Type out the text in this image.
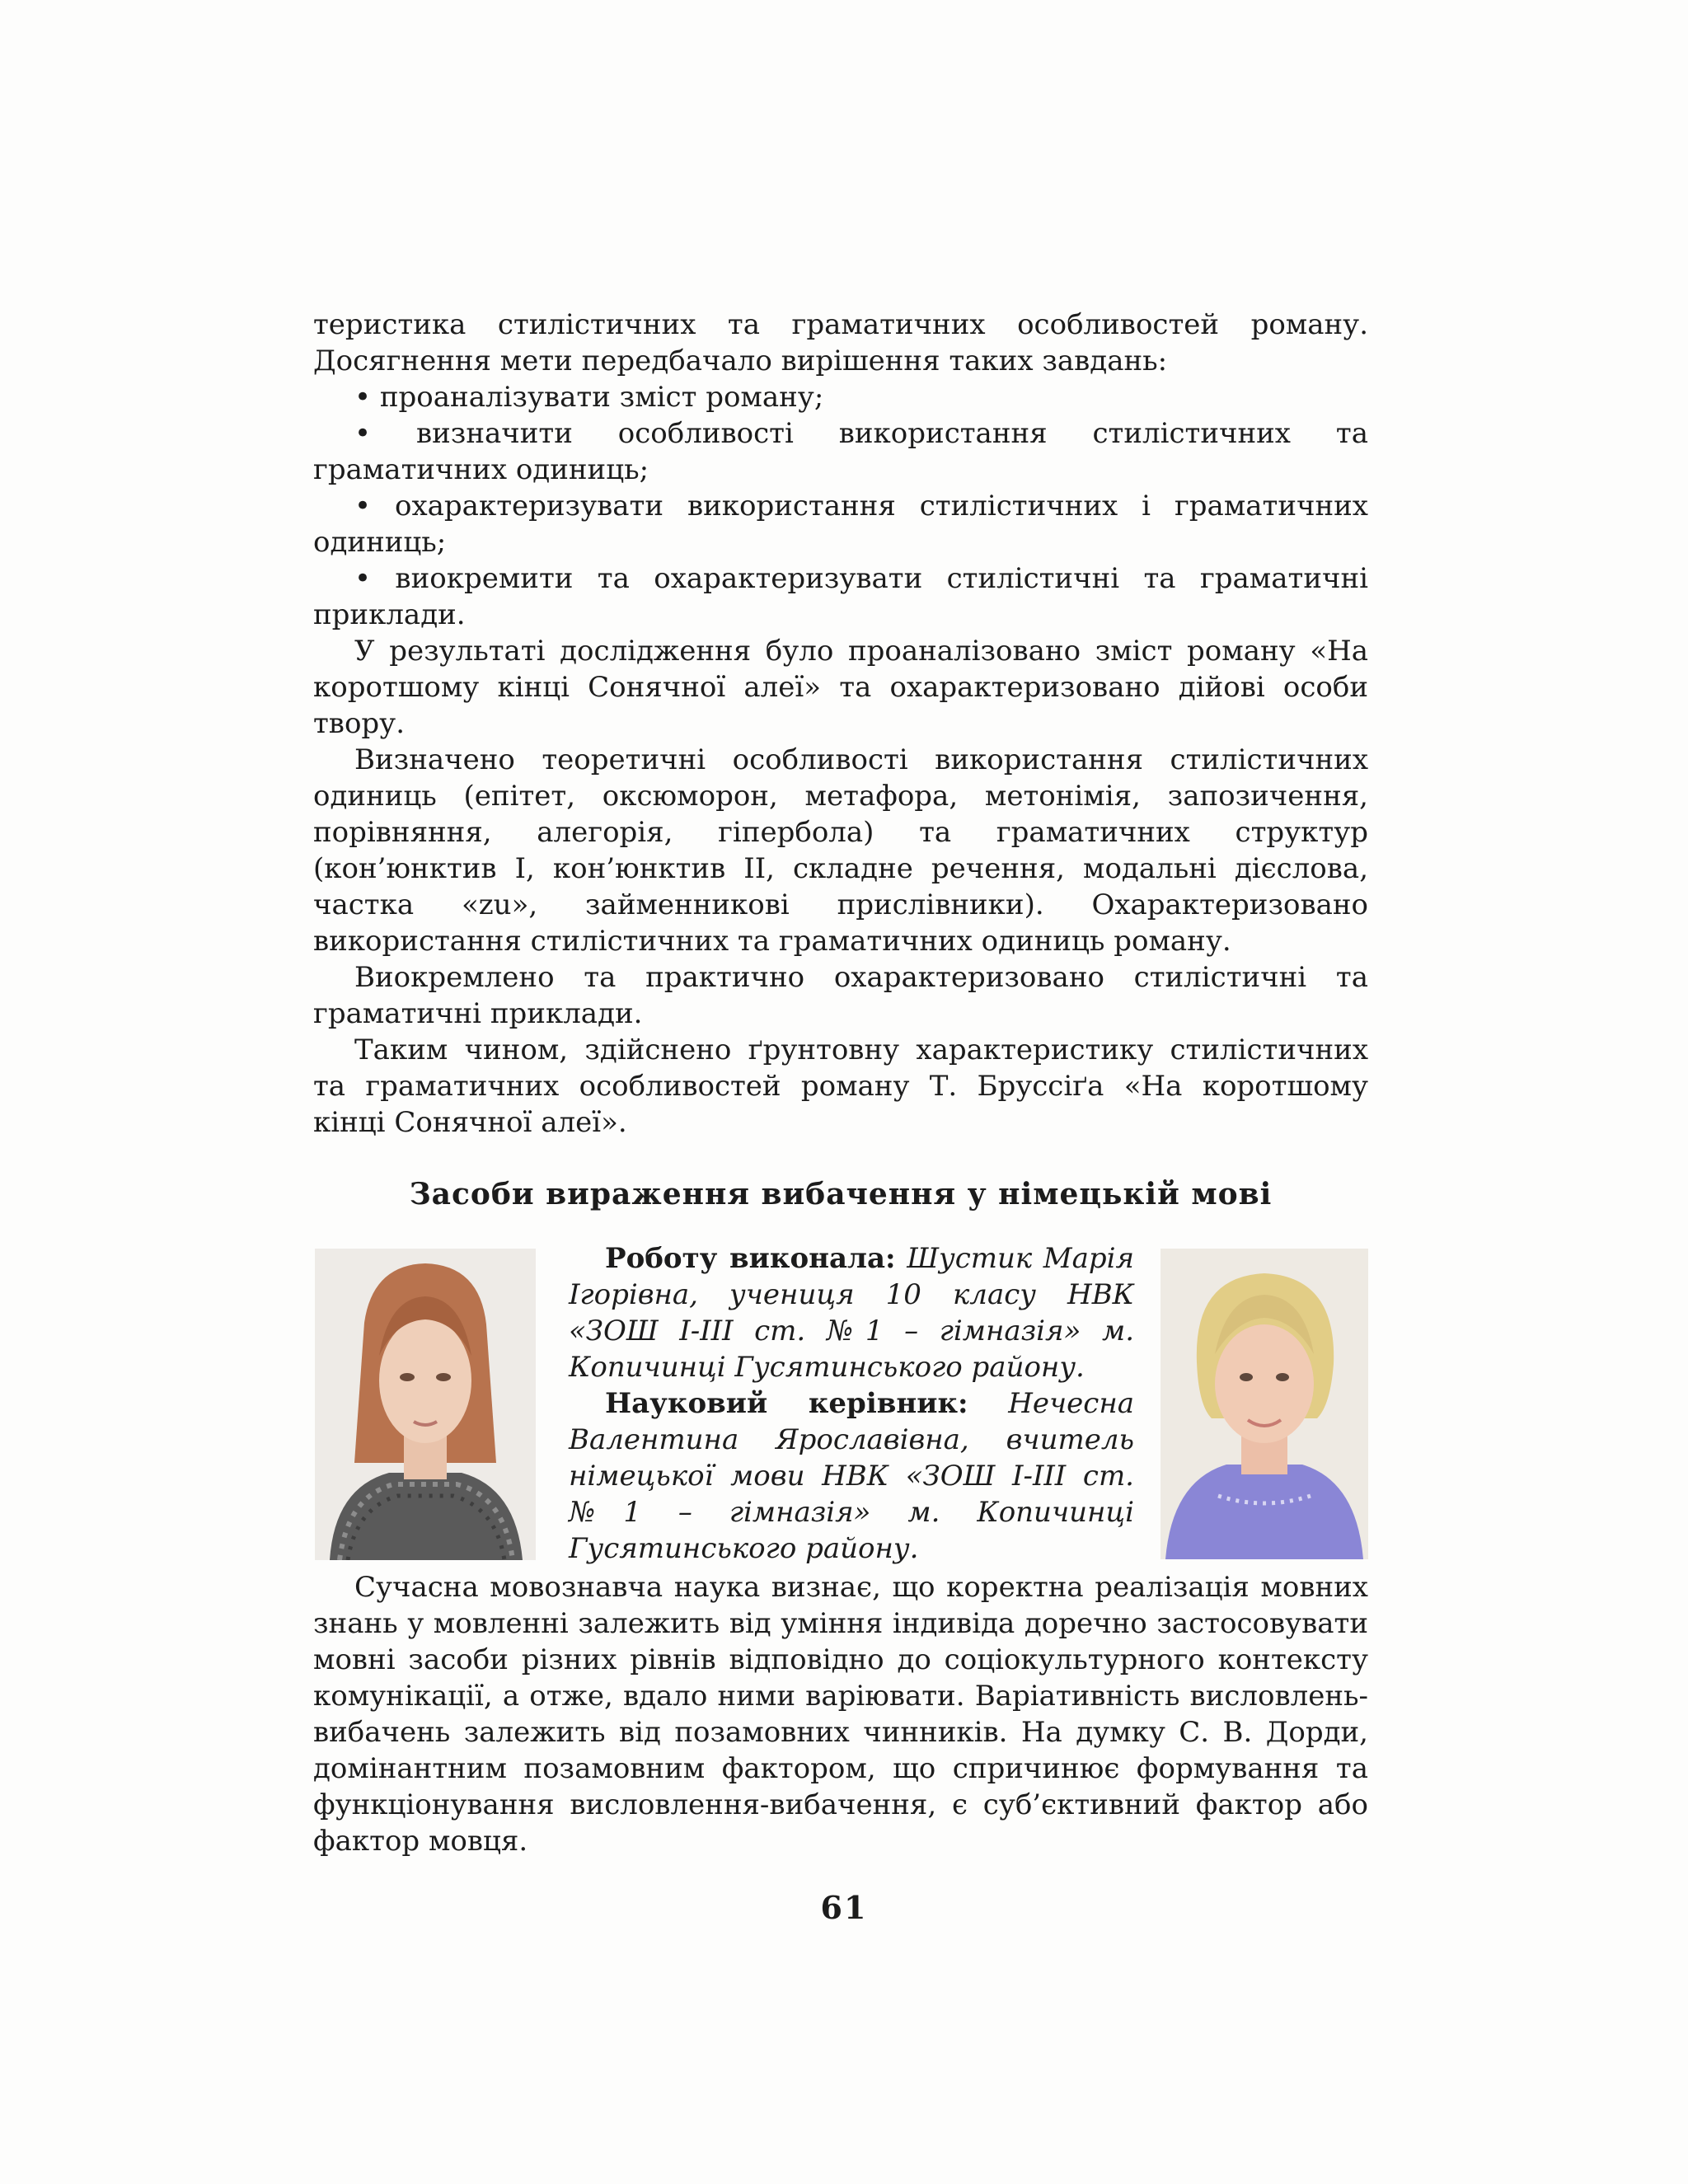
теристика стилістичних та граматичних особливостей роману. Досягнення мети передбачало вирішення таких завдань:

• проаналізувати зміст роману;

• визначити особливості використання стилістичних та граматичних одиниць;

• охарактеризувати використання стилістичних і граматичних одиниць;

• виокремити та охарактеризувати стилістичні та граматичні приклади.

У результаті дослідження було проаналізовано зміст роману «На коротшому кінці Сонячної алеї» та охарактеризовано дійові особи твору.

Визначено теоретичні особливості використання стилістичних одиниць (епітет, оксюморон, метафора, метонімія, запозичення, порівняння, алегорія, гіпербола) та граматичних структур (кон’юнктив І, кон’юнктив ІІ, складне речення, модальні дієслова, частка «zu», займенникові прислівники). Охарактеризовано використання стилістичних та граматичних одиниць роману.

Виокремлено та практично охарактеризовано стилістичні та граматичні приклади.

Таким чином, здійснено ґрунтовну характеристику стилістичних та граматичних особливостей роману Т. Бруссіґа «На коротшому кінці Сонячної алеї».

Засоби вираження вибачення у німецькій мові

Роботу виконала: Шустик Марія Ігорівна, учениця 10 класу НВК «ЗОШ І-ІІІ ст. №1 – гімназія» м. Копичинці Гусятинського району.

Науковий керівник: Нечесна Валентина Ярославівна, вчитель німецької мови НВК «ЗОШ І-ІІІ ст. №1 – гімназія» м. Копичинці Гусятинського району.

Сучасна мовознавча наука визнає, що коректна реалізація мовних знань у мовленні залежить від уміння індивіда доречно застосовувати мовні засоби різних рівнів відповідно до соціокультурного контексту комунікації, а отже, вдало ними варіювати. Варіативність висловлень-вибачень залежить від позамовних чинників. На думку С. В. Дорди, домінантним позамовним фактором, що спричинює формування та функціонування висловлення-вибачення, є суб’єктивний фактор або фактор мовця.

61
